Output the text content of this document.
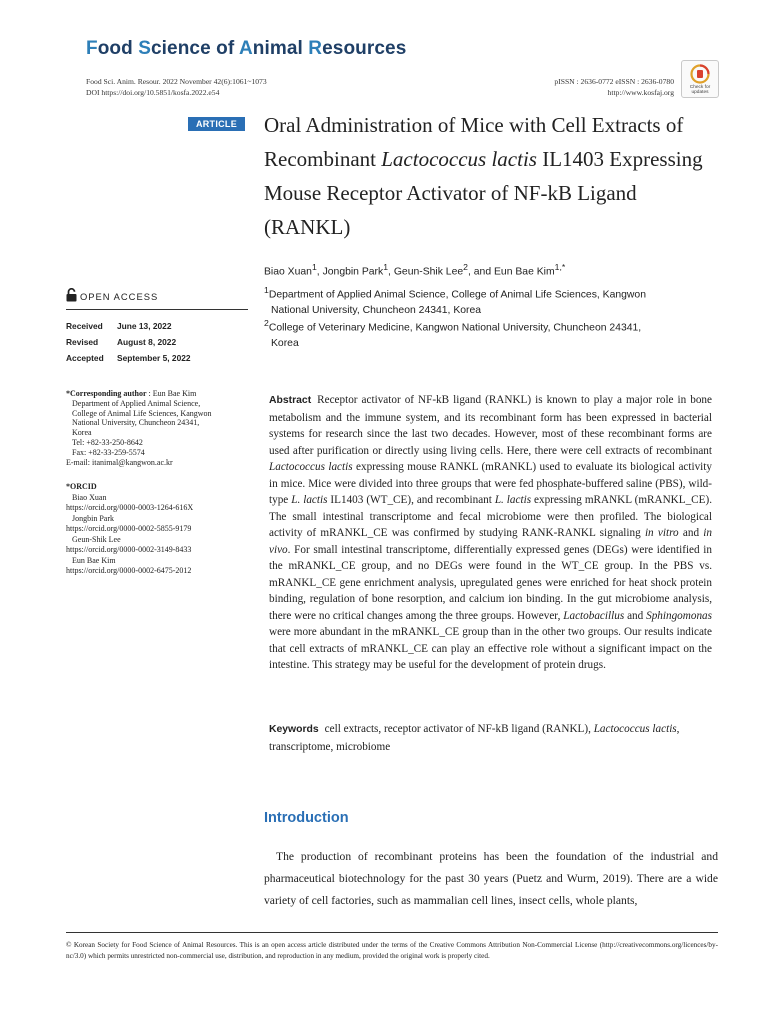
Food Science of Animal Resources
Food Sci. Anim. Resour. 2022 November 42(6):1061~1073
DOI https://doi.org/10.5851/kosfa.2022.e54
pISSN : 2636-0772 eISSN : 2636-0780
http://www.kosfaj.org
Check for updates
ARTICLE	Oral Administration of Mice with Cell Extracts of Recombinant Lactococcus lactis IL1403 Expressing Mouse Receptor Activator of NF-kB Ligand (RANKL)
Biao Xuan$^1$, Jongbin Park$^1$, Geun-Shik Lee$^2$, and Eun Bae Kim$^{1,*}$
$^1$Department of Applied Animal Science, College of Animal Life Sciences, Kangwon
National University, Chuncheon 24341, Korea
$^2$College of Veterinary Medicine, Kangwon National University, Chuncheon 24341,
Korea
OPEN ACCESS
Received	June 13, 2022
Revised	August 8, 2022
Accepted	September 5, 2022
*Corresponding author : Eun Bae Kim
Department of Applied Animal Science,
College of Animal Life Sciences, Kangwon
National University, Chuncheon 24341,
Korea
Tel: +82-33-250-8642
Fax: +82-33-259-5574
E-mail: itanimal@kangwon.ac.kr
*ORCID
Biao Xuan
https://orcid.org/0000-0003-1264-616X
Jongbin Park
https://orcid.org/0000-0002-5855-9179
Geun-Shik Lee
https://orcid.org/0000-0002-3149-8433
Eun Bae Kim
https://orcid.org/0000-0002-6475-2012
Abstract Receptor activator of NF-kB ligand (RANKL) is known to play a major role in bone metabolism and the immune system, and its recombinant form has been expressed in bacterial systems for research since the last two decades. However, most of these recombinant forms are used after purification or directly using living cells. Here, there were cell extracts of recombinant Lactococcus lactis expressing mouse RANKL (mRANKL) used to evaluate its biological activity in mice. Mice were divided into three groups that were fed phosphate-buffered saline (PBS), wild-type L. lactis IL1403 (WT_CE), and recombinant L. lactis expressing mRANKL (mRANKL_CE). The small intestinal transcriptome and fecal microbiome were then profiled. The biological activity of mRANKL_CE was confirmed by studying RANK-RANKL signaling in vitro and in vivo. For small intestinal transcriptome, differentially expressed genes (DEGs) were identified in the mRANKL_CE group, and no DEGs were found in the WT_CE group. In the PBS vs. mRANKL_CE gene enrichment analysis, upregulated genes were enriched for heat shock protein binding, regulation of bone resorption, and calcium ion binding. In the gut microbiome analysis, there were no critical changes among the three groups. However, Lactobacillus and Sphingomonas were more abundant in the mRANKL_CE group than in the other two groups. Our results indicate that cell extracts of mRANKL_CE can play an effective role without a significant impact on the intestine. This strategy may be useful for the development of protein drugs.
Keywords cell extracts, receptor activator of NF-kB ligand (RANKL), Lactococcus lactis, transcriptome, microbiome
Introduction
The production of recombinant proteins has been the foundation of the industrial and pharmaceutical biotechnology for the past 30 years (Puetz and Wurm, 2019). There are a wide variety of cell factories, such as mammalian cell lines, insect cells, whole plants,
© Korean Society for Food Science of Animal Resources. This is an open access article distributed under the terms of the Creative Commons Attribution Non-Commercial License (http://creativecommons.org/licences/by-nc/3.0) which permits unrestricted non-commercial use, distribution, and reproduction in any medium, provided the original work is properly cited.
